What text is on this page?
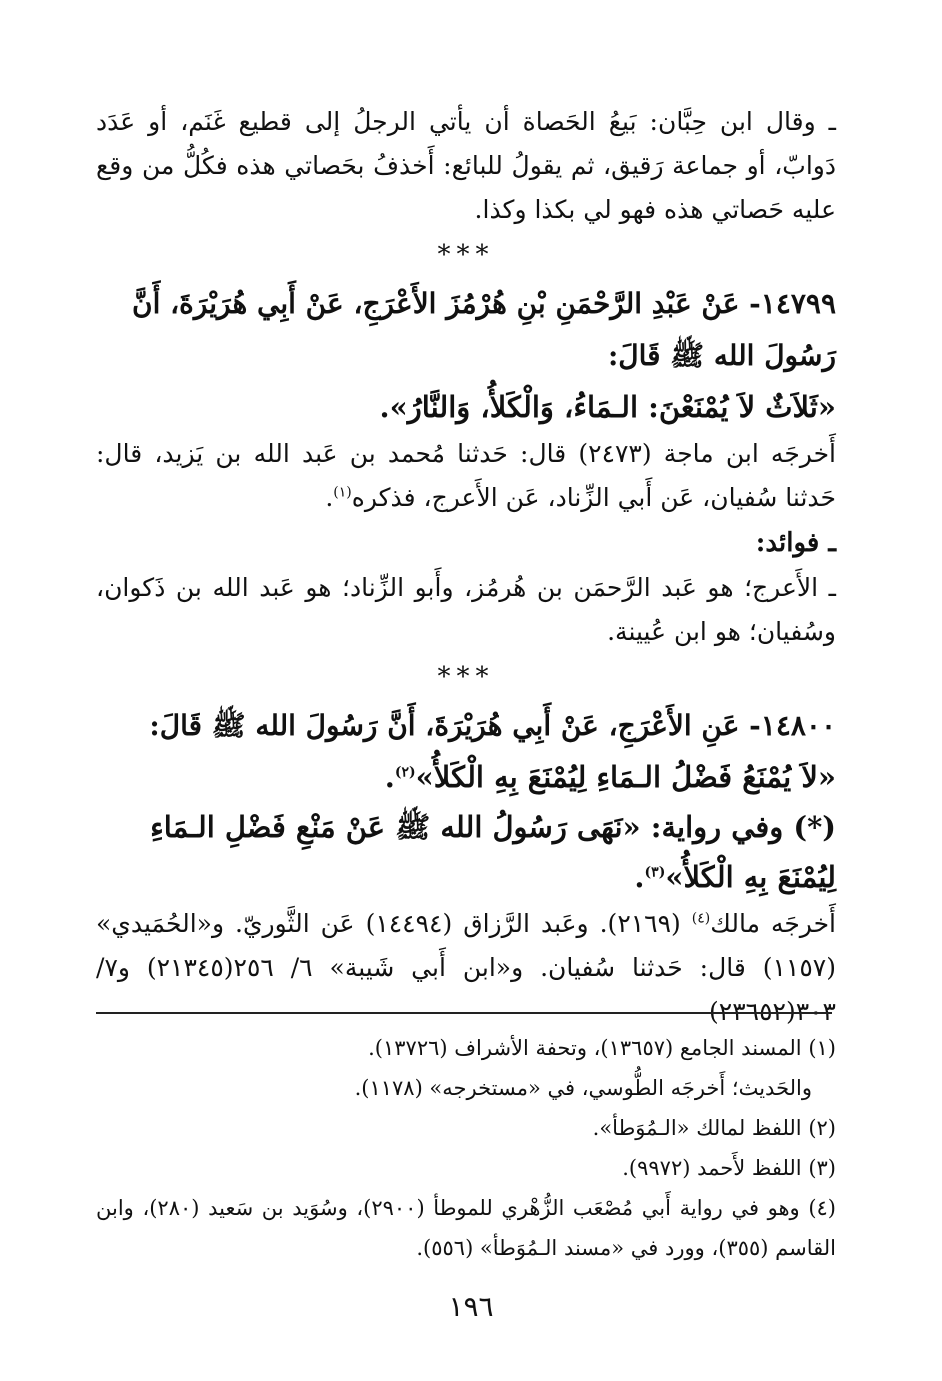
ـ وقال ابن حِبَّان: بَيعُ الحَصاة أن يأتي الرجلُ إلى قطيع غَنَم، أو عَدَد دَوابّ، أو جماعة رَقيق، ثم يقولُ للبائع: أَخذفُ بحَصاتي هذه فكُلُّ من وقع عليه حَصاتي هذه فهو لي بكذا وكذا.

***

١٤٧٩٩- عَنْ عَبْدِ الرَّحْمَنِ بْنِ هُرْمُزَ الأَعْرَجِ، عَنْ أَبِي هُرَيْرَةَ، أَنَّ رَسُولَ الله ﷺ قَالَ:

«ثَلاَثٌ لاَ يُمْنَعْنَ: الـمَاءُ، وَالْكَلأُ، وَالنَّارُ».

أَخرجَه ابن ماجة (٢٤٧٣) قال: حَدثنا مُحمد بن عَبد الله بن يَزيد، قال: حَدثنا سُفيان، عَن أَبي الزِّناد، عَن الأَعرج، فذكره$^{(١)}$.

ـ فوائد:

ـ الأَعرج؛ هو عَبد الرَّحمَن بن هُرمُز، وأَبو الزِّناد؛ هو عَبد الله بن ذَكوان، وسُفيان؛ هو ابن عُيينة.

***

١٤٨٠٠- عَنِ الأَعْرَجِ، عَنْ أَبِي هُرَيْرَةَ، أَنَّ رَسُولَ الله ﷺ قَالَ:

«لاَ يُمْنَعُ فَضْلُ الـمَاءِ لِيُمْنَعَ بِهِ الْكَلأُ»$^{(٢)}$.

(*) وفي رواية: «نَهَى رَسُولُ الله ﷺ عَنْ مَنْعِ فَضْلِ الـمَاءِ لِيُمْنَعَ بِهِ الْكَلأُ»$^{(٣)}$.

أَخرجَه مالك$^{(٤)}$ (٢١٦٩). وعَبد الرَّزاق (١٤٤٩٤) عَن الثَّوريّ. و«الحُمَيدي» (١١٥٧) قال: حَدثنا سُفيان. و«ابن أَبي شَيبة» ٦/ ٢٥٦(٢١٣٤٥) و٧/ ٣٠٣(٢٣٦٥٢)

(١) المسند الجامع (١٣٦٥٧)، وتحفة الأشراف (١٣٧٢٦).

والحَديث؛ أَخرجَه الطُّوسي، في «مستخرجه» (١١٧٨).

(٢) اللفظ لمالك «الـمُوَطأ».

(٣) اللفظ لأَحمد (٩٩٧٢).

(٤) وهو في رواية أَبي مُصْعَب الزُّهْري للموطأ (٢٩٠٠)، وسُوَيد بن سَعيد (٢٨٠)، وابن القاسم (٣٥٥)، وورد في «مسند الـمُوَطأ» (٥٥٦).

١٩٦
